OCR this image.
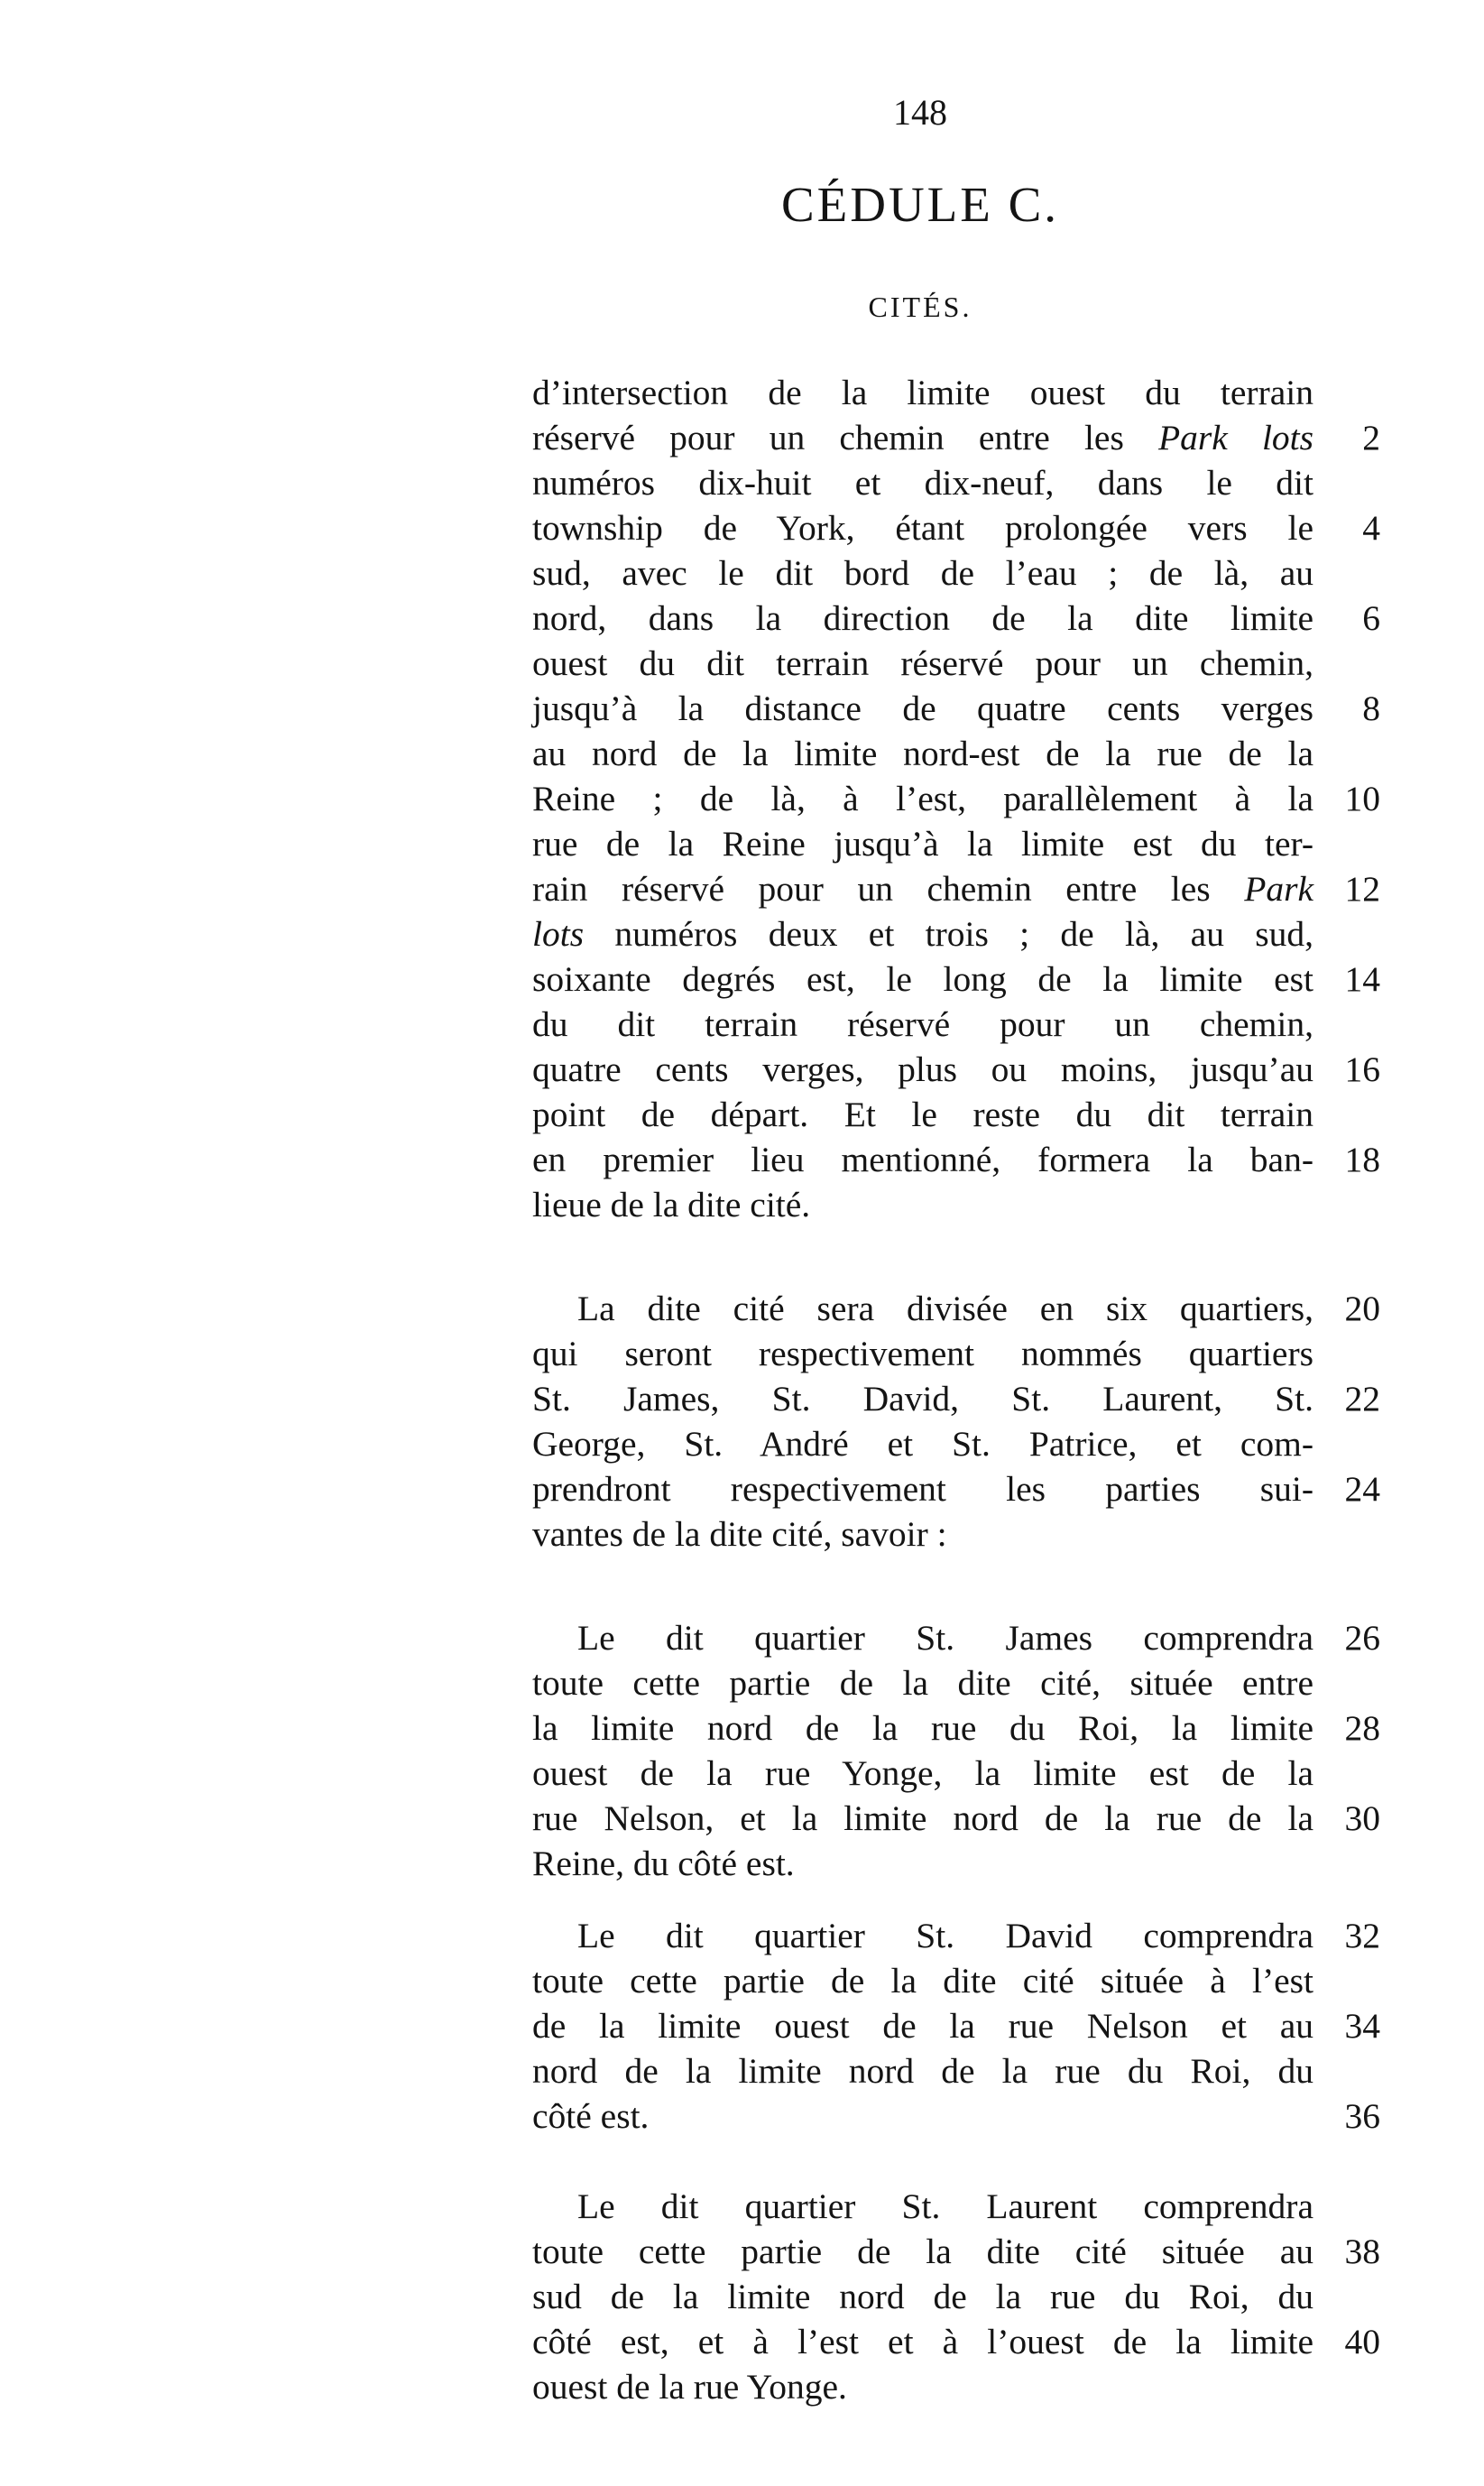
148
CÉDULE C.
CITÉS.
d’intersection de la limite ouest du terrain
réservé pour un chemin entre les Park lots
numéros dix-huit et dix-neuf, dans le dit
township de York, étant prolongée vers le
sud, avec le dit bord de l’eau ; de là, au
nord, dans la direction de la dite limite
ouest du dit terrain réservé pour un chemin,
jusqu’à la distance de quatre cents verges
au nord de la limite nord-est de la rue de la
Reine ; de là, à l’est, parallèlement à la
rue de la Reine jusqu’à la limite est du ter-
rain réservé pour un chemin entre les Park
lots numéros deux et trois ; de là, au sud,
soixante degrés est, le long de la limite est
du dit terrain réservé pour un chemin,
quatre cents verges, plus ou moins, jusqu’au
point de départ. Et le reste du dit terrain
en premier lieu mentionné, formera la ban-
lieue de la dite cité.
La dite cité sera divisée en six quartiers,
qui seront respectivement nommés quartiers
St. James, St. David, St. Laurent, St.
George, St. André et St. Patrice, et com-
prendront respectivement les parties sui-
vantes de la dite cité, savoir :
Le dit quartier St. James comprendra
toute cette partie de la dite cité, située entre
la limite nord de la rue du Roi, la limite
ouest de la rue Yonge, la limite est de la
rue Nelson, et la limite nord de la rue de la
Reine, du côté est.
Le dit quartier St. David comprendra
toute cette partie de la dite cité située à l’est
de la limite ouest de la rue Nelson et au
nord de la limite nord de la rue du Roi, du
côté est.
Le dit quartier St. Laurent comprendra
toute cette partie de la dite cité située au
sud de la limite nord de la rue du Roi, du
côté est, et à l’est et à l’ouest de la limite
ouest de la rue Yonge.
2
4
6
8
10
12
14
16
18
20
22
24
26
28
30
32
34
36
38
40
